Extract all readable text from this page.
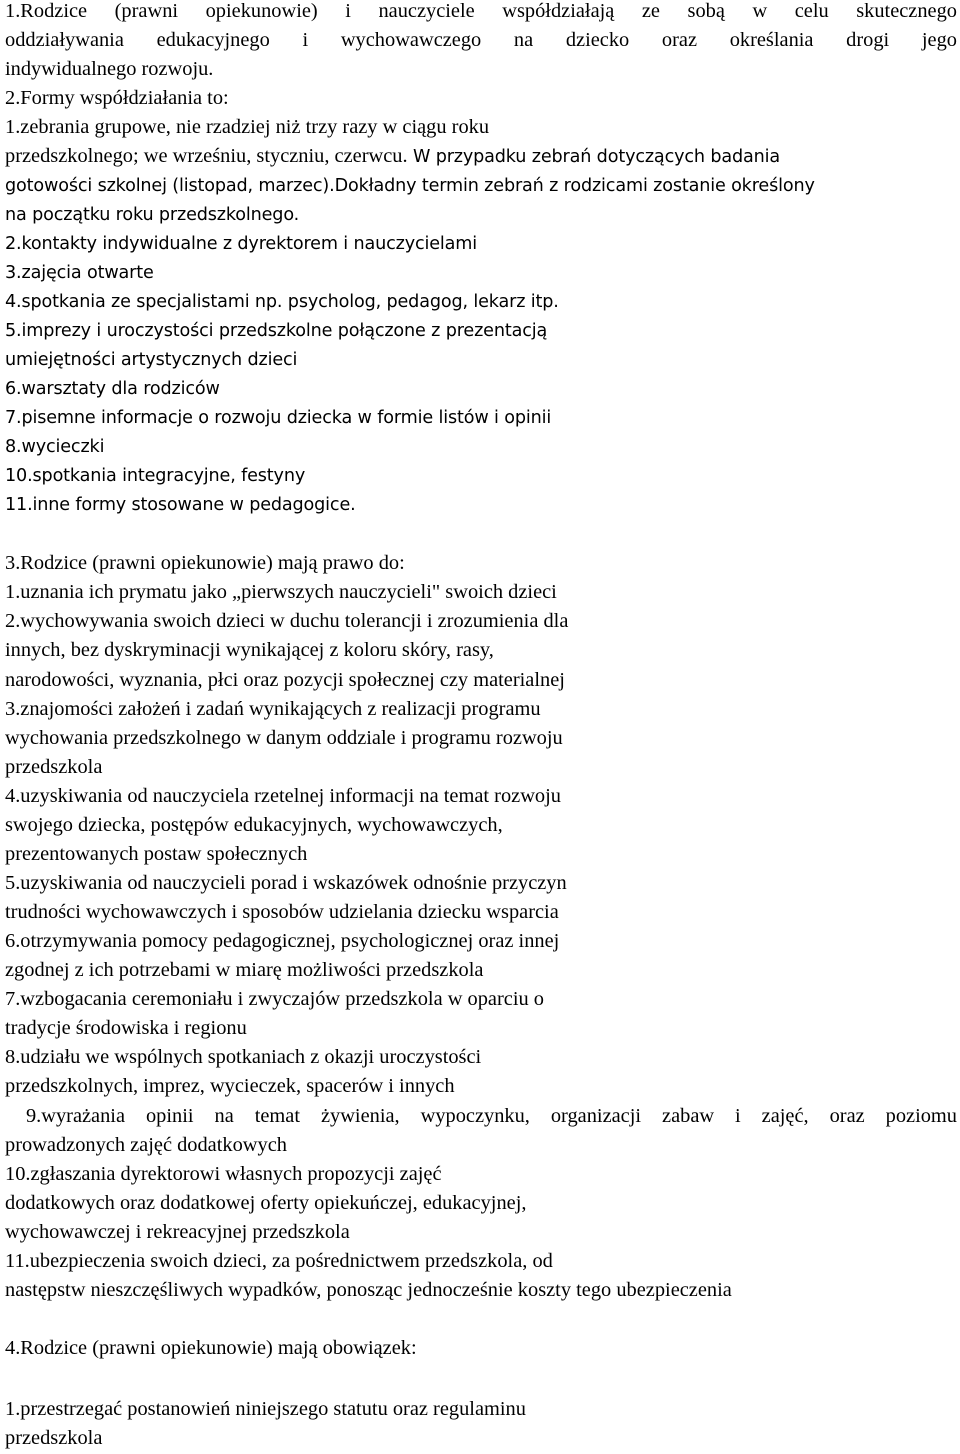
1.Rodzice (prawni opiekunowie) i nauczyciele współdziałają ze sobą w celu skutecznego
oddziaływania edukacyjnego i wychowawczego na dziecko oraz określania drogi jego
indywidualnego rozwoju.
2.Formy współdziałania to:
1.zebrania grupowe, nie rzadziej niż trzy razy w ciągu roku
przedszkolnego; we wrześniu, styczniu, czerwcu. W przypadku zebrań dotyczących badania
gotowości szkolnej (listopad, marzec).Dokładny termin zebrań z rodzicami zostanie określony
na początku roku przedszkolnego.
2.kontakty indywidualne z dyrektorem i nauczycielami
3.zajęcia otwarte
4.spotkania ze specjalistami np. psycholog, pedagog, lekarz itp.
5.imprezy i uroczystości przedszkolne połączone z prezentacją
umiejętności artystycznych dzieci
6.warsztaty dla rodziców
7.pisemne informacje o rozwoju dziecka w formie listów i opinii
8.wycieczki
10.spotkania integracyjne, festyny
11.inne formy stosowane w pedagogice.
3.Rodzice (prawni opiekunowie) mają prawo do:
1.uznania ich prymatu jako „pierwszych nauczycieli" swoich dzieci
2.wychowywania swoich dzieci w duchu tolerancji i zrozumienia dla
innych, bez dyskryminacji wynikającej z koloru skóry, rasy,
narodowości, wyznania, płci oraz pozycji społecznej czy materialnej
3.znajomości założeń i zadań wynikających z realizacji programu
wychowania przedszkolnego w danym oddziale i programu rozwoju
przedszkola
4.uzyskiwania od nauczyciela rzetelnej informacji na temat rozwoju
swojego dziecka, postępów edukacyjnych, wychowawczych,
prezentowanych postaw społecznych
5.uzyskiwania od nauczycieli porad i wskazówek odnośnie przyczyn
trudności wychowawczych i sposobów udzielania dziecku wsparcia
6.otrzymywania pomocy pedagogicznej, psychologicznej oraz innej
zgodnej z ich potrzebami w miarę możliwości przedszkola
7.wzbogacania ceremoniału i zwyczajów przedszkola w oparciu o
tradycje środowiska i regionu
8.udziału we wspólnych spotkaniach z okazji uroczystości
przedszkolnych, imprez, wycieczek, spacerów i innych
9.wyrażania opinii na temat żywienia, wypoczynku, organizacji zabaw i zajęć, oraz poziomu
prowadzonych zajęć dodatkowych
10.zgłaszania dyrektorowi własnych propozycji zajęć
dodatkowych oraz dodatkowej oferty opiekuńczej, edukacyjnej,
wychowawczej i rekreacyjnej przedszkola
11.ubezpieczenia swoich dzieci, za pośrednictwem przedszkola, od
następstw nieszczęśliwych wypadków, ponosząc jednocześnie koszty tego ubezpieczenia
4.Rodzice (prawni opiekunowie) mają obowiązek:
1.przestrzegać postanowień niniejszego statutu oraz regulaminu
przedszkola
